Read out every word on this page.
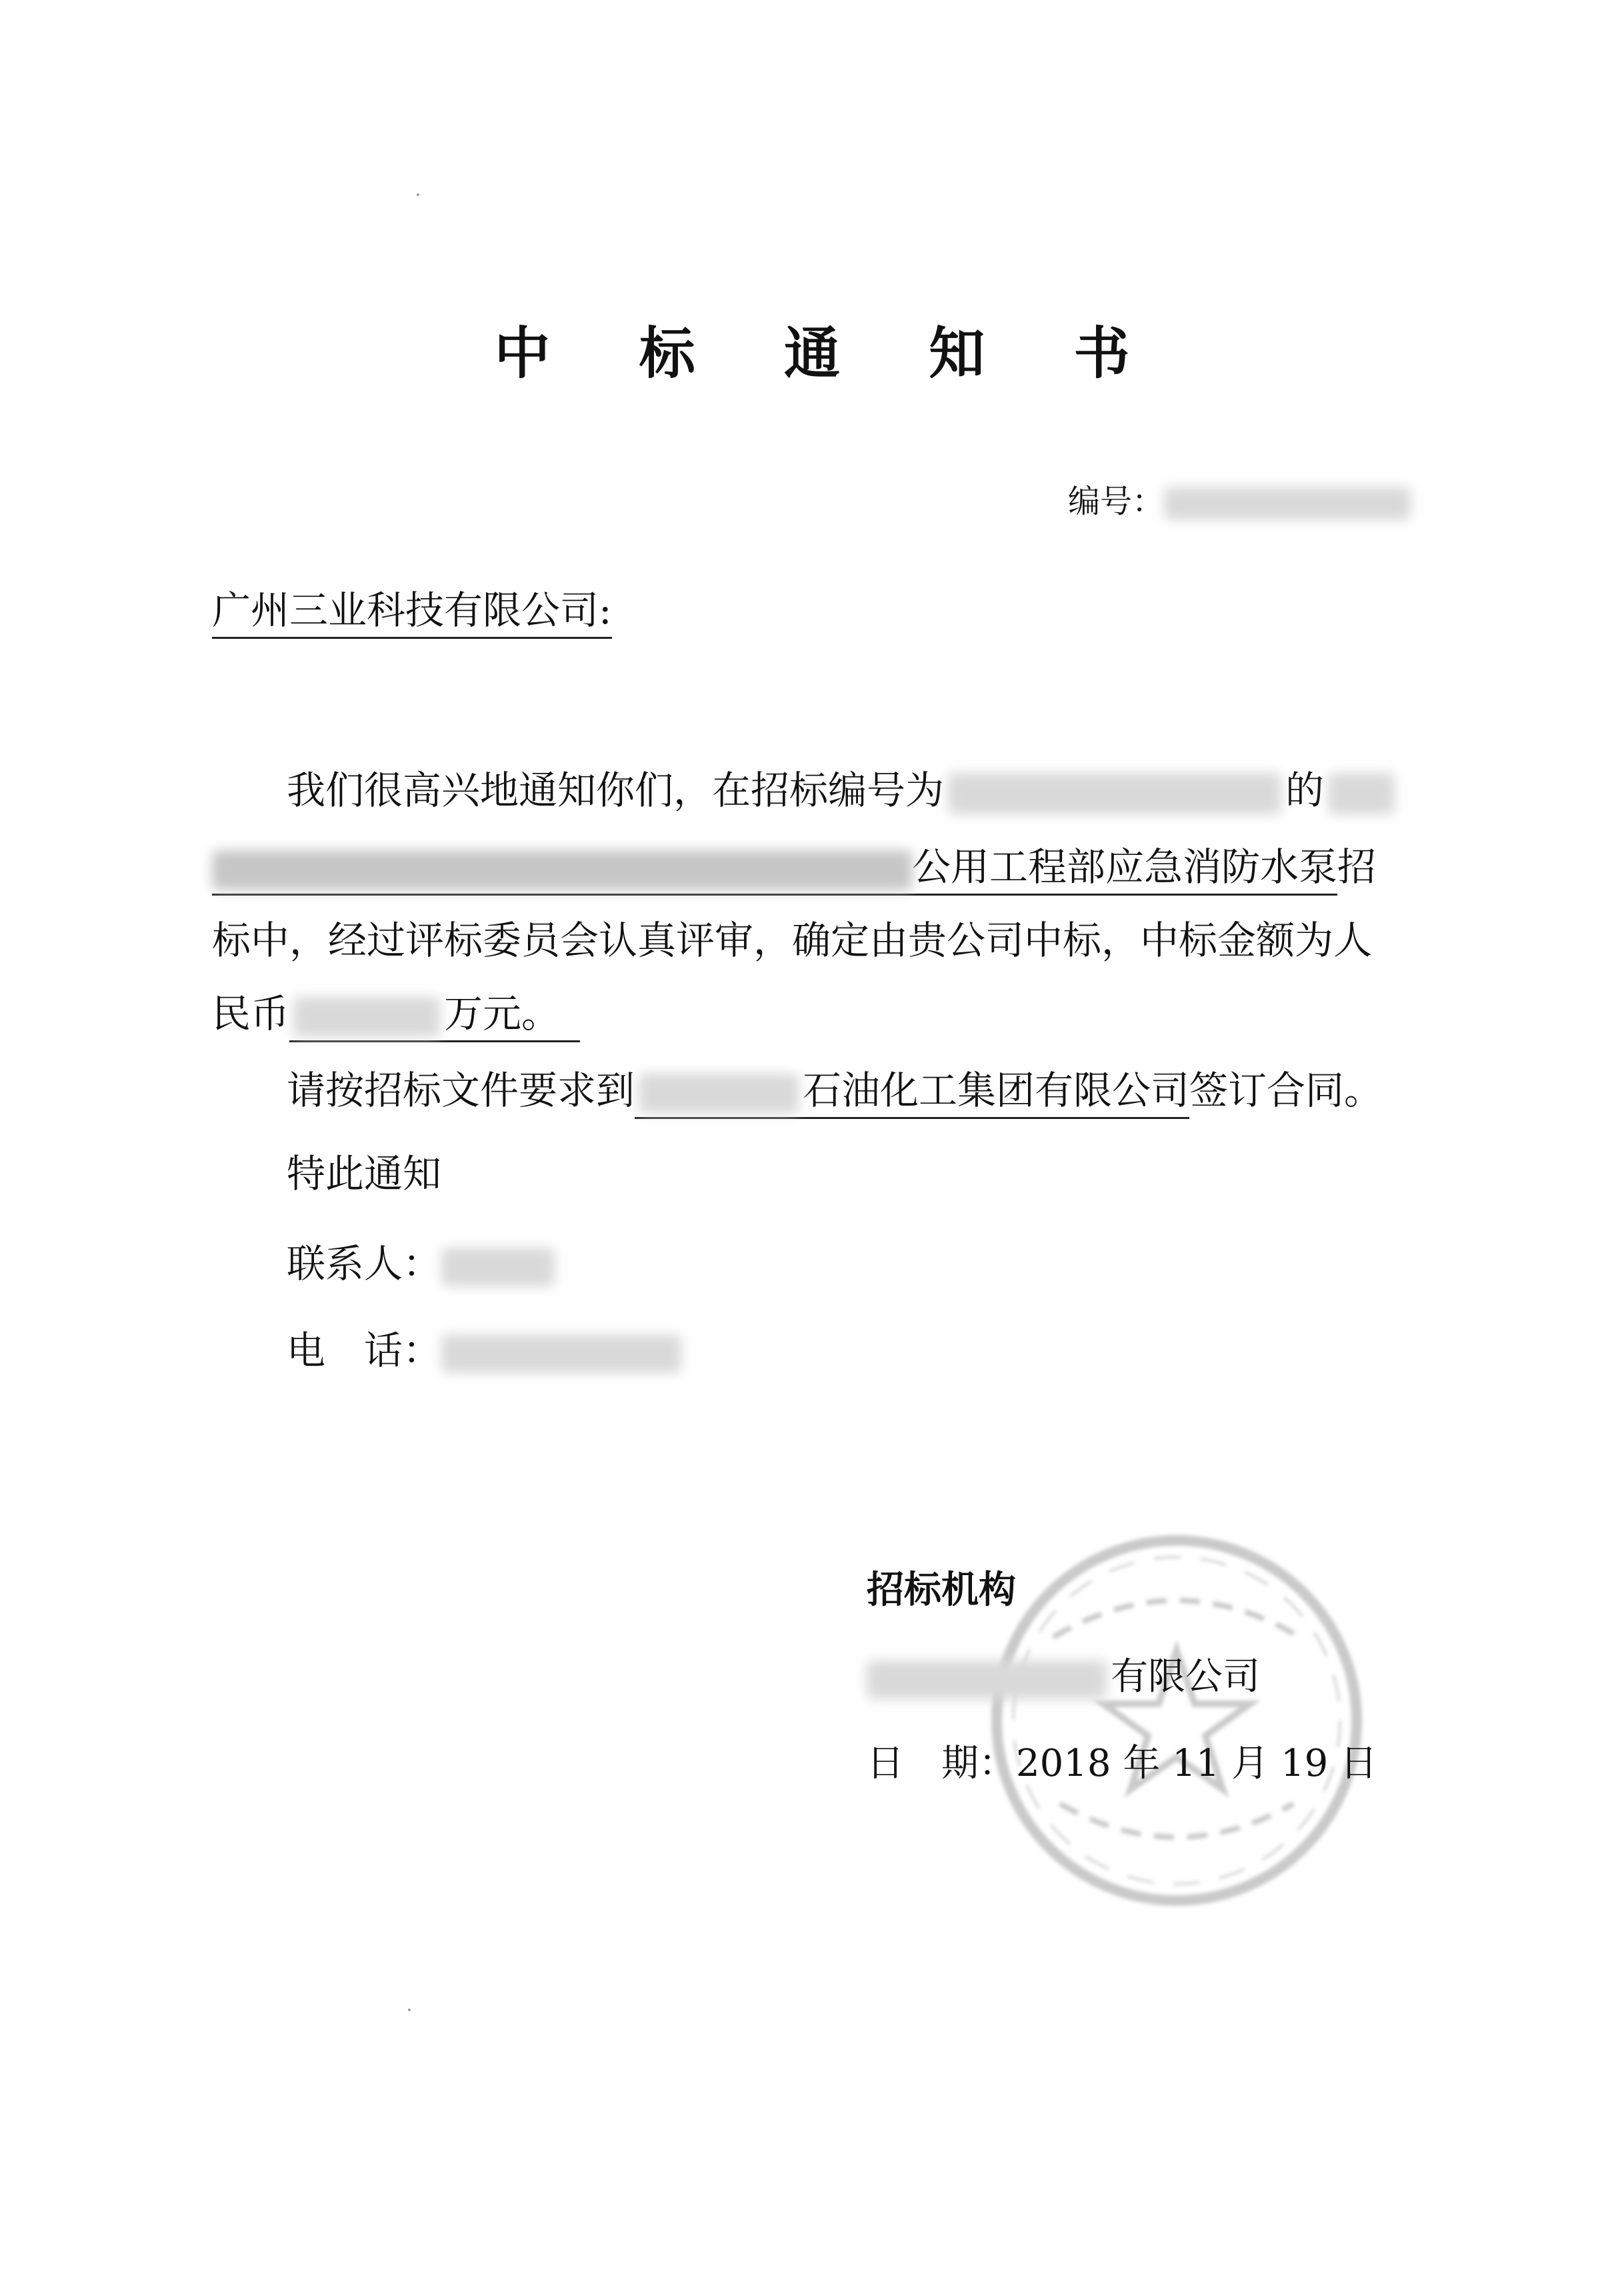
中 标 通 知 书
编号：
广州三业科技有限公司:
我们很高兴地通知你们，在招标编号为	的
公用工程部应急消防水泵招
标中，经过评标委员会认真评审，确定由贵公司中标，中标金额为人
民币	万元。
请按招标文件要求到	石油化工集团有限公司签订合同。
特此通知
联系人：
电　话：
招标机构
有限公司
日　期：2018 年 11 月 19 日
